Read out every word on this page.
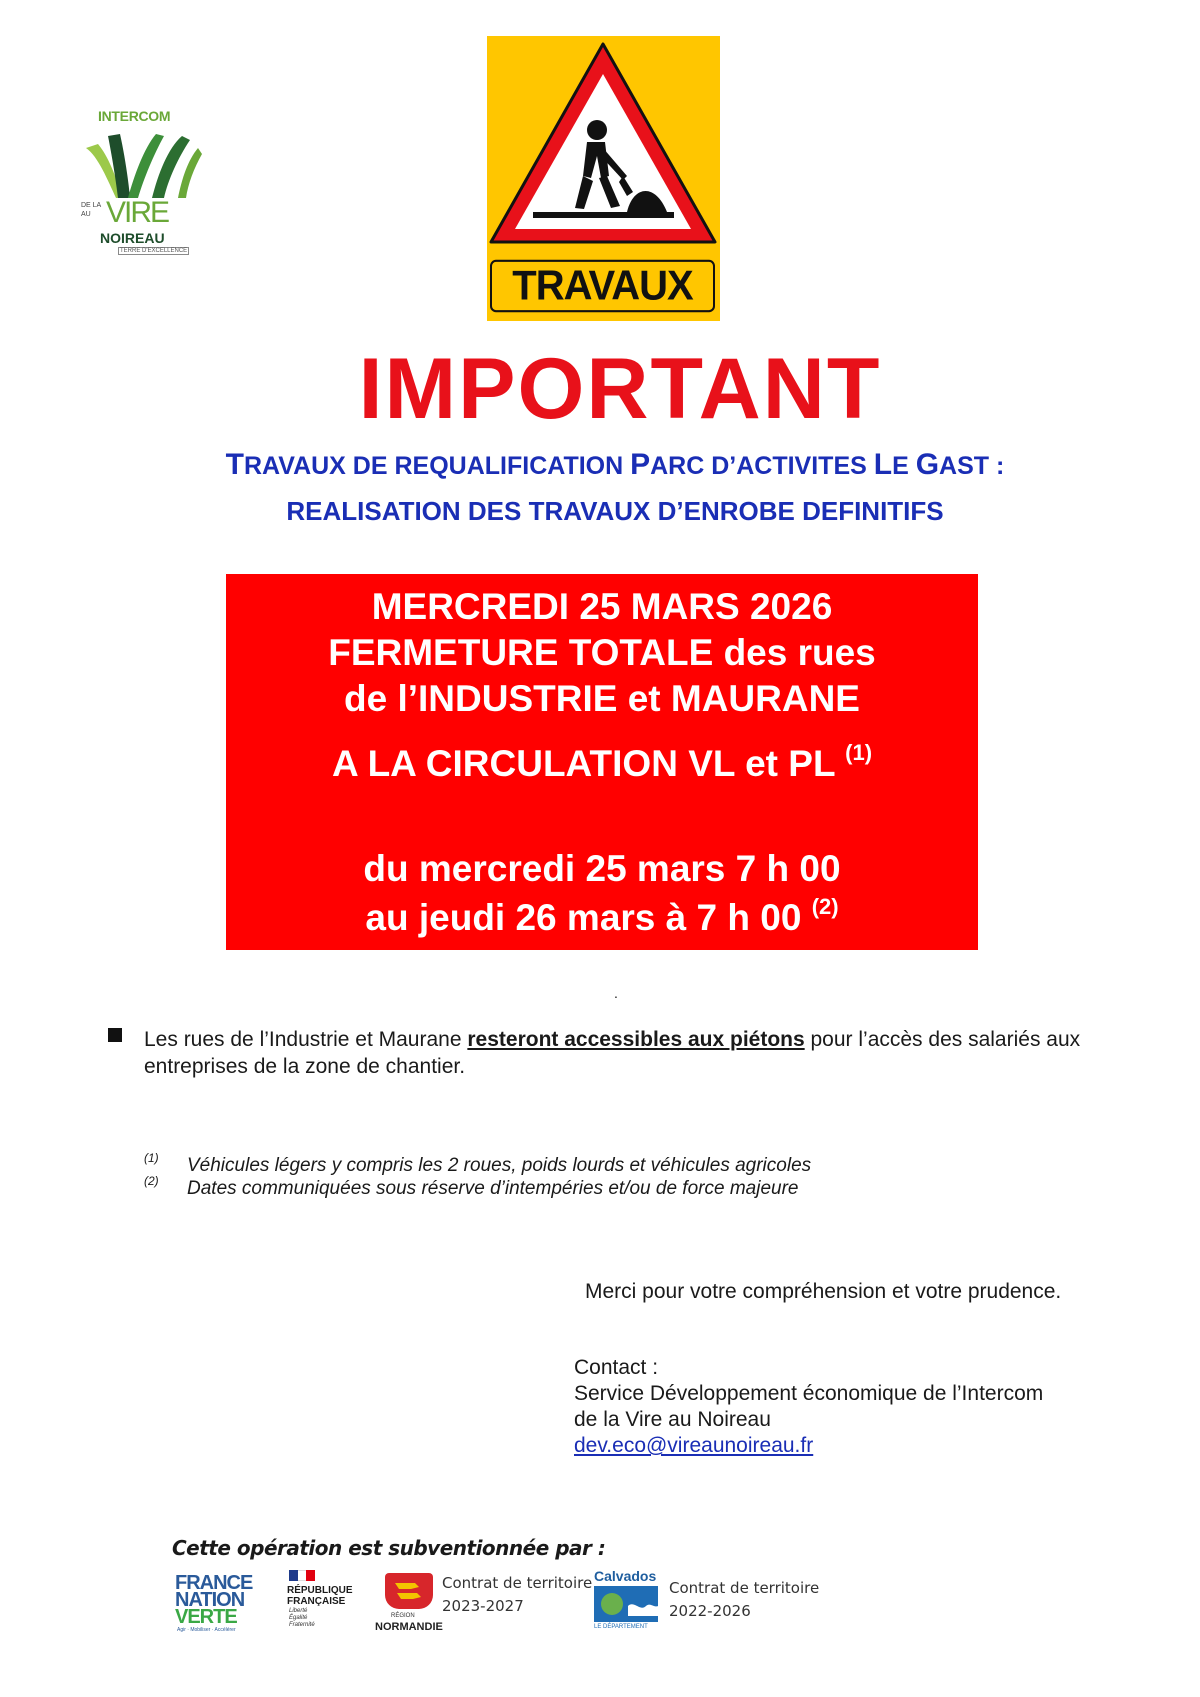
INTERCOM
VIRE
DE LA
AU
NOIREAU
TERRE D'EXCELLENCE
TRAVAUX
IMPORTANT
TRAVAUX DE REQUALIFICATION PARC D’ACTIVITES LE GAST :
REALISATION DES TRAVAUX D’ENROBE DEFINITIFS
MERCREDI 25 MARS 2026
FERMETURE TOTALE des rues
de l’INDUSTRIE et MAURANE
A LA CIRCULATION VL et PL $^{(1)}$
du mercredi 25 mars 7 h 00
au jeudi 26 mars à 7 h 00 $^{(2)}$
.
Les rues de l’Industrie et Maurane resteront accessibles aux piétons pour l’accès des salariés aux entreprises de la zone de chantier.
(1) Véhicules légers y compris les 2 roues, poids lourds et véhicules agricoles
(2) Dates communiquées sous réserve d’intempéries et/ou de force majeure
Merci pour votre compréhension et votre prudence.
Contact :
Service Développement économique de l’Intercom
de la Vire au Noireau
dev.eco@vireaunoireau.fr
Cette opération est subventionnée par :
FRANCE
NATION
VERTE
Agir · Mobiliser · Accélérer
RÉPUBLIQUE
FRANÇAISE
Liberté
Égalité
Fraternité
RÉGION
NORMANDIE
Contrat de territoire
2023-2027
Calvados
LE DÉPARTEMENT
Contrat de territoire
2022-2026
